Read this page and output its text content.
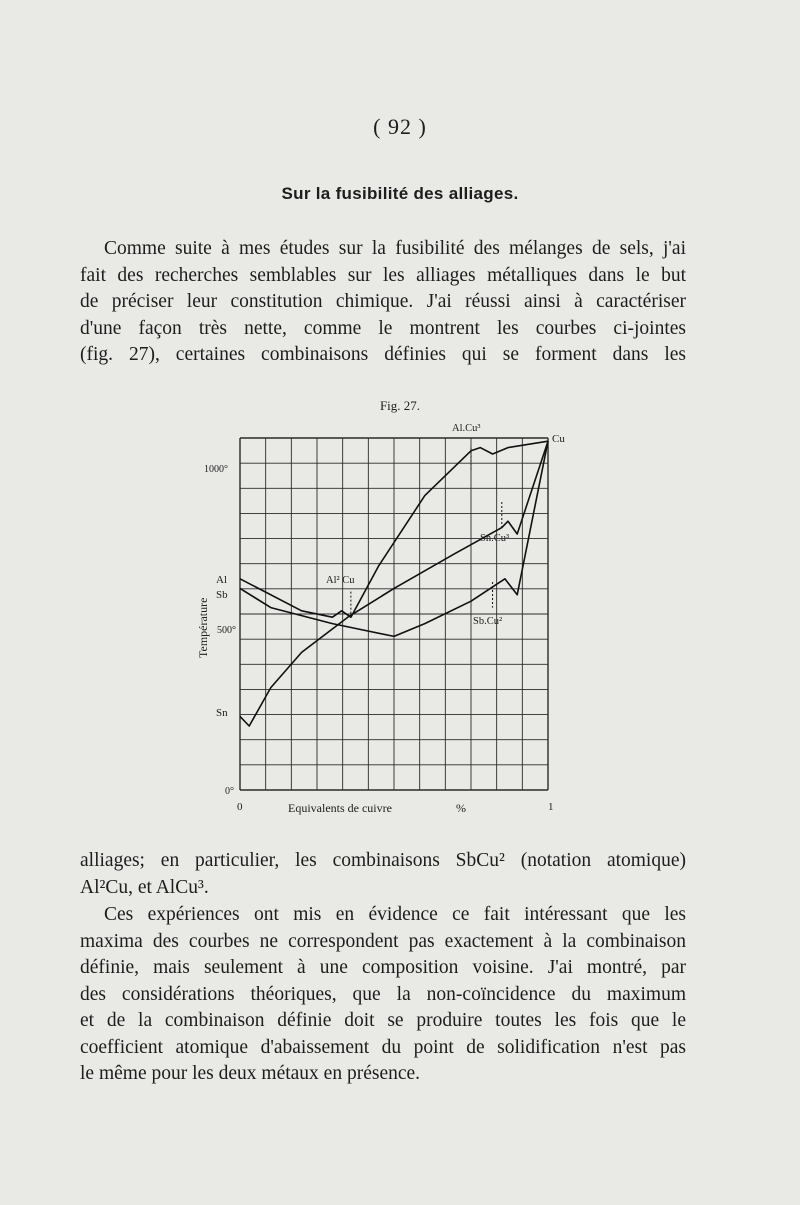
( 92 )
Sur la fusibilité des alliages.
Comme suite à mes études sur la fusibilité des mélanges de sels, j'ai
fait des recherches semblables sur les alliages métalliques dans le but
de préciser leur constitution chimique. J'ai réussi ainsi à caractériser
d'une façon très nette, comme le montrent les courbes ci-jointes
(fig. 27), certaines combinaisons définies qui se forment dans les
Fig. 27.
1000°
500°
0°
Al
Sb
Sn
Cu
Température
0	1
Equivalents de cuivre	%
Al.Cu³
Al² Cu
Sn.Cu³
Sb.Cu²
alliages; en particulier, les combinaisons SbCu² (notation atomique)
Al²Cu, et AlCu³.
Ces expériences ont mis en évidence ce fait intéressant que les
maxima des courbes ne correspondent pas exactement à la combinaison
définie, mais seulement à une composition voisine. J'ai montré, par
des considérations théoriques, que la non-coïncidence du maximum
et de la combinaison définie doit se produire toutes les fois que le
coefficient atomique d'abaissement du point de solidification n'est pas
le même pour les deux métaux en présence.
